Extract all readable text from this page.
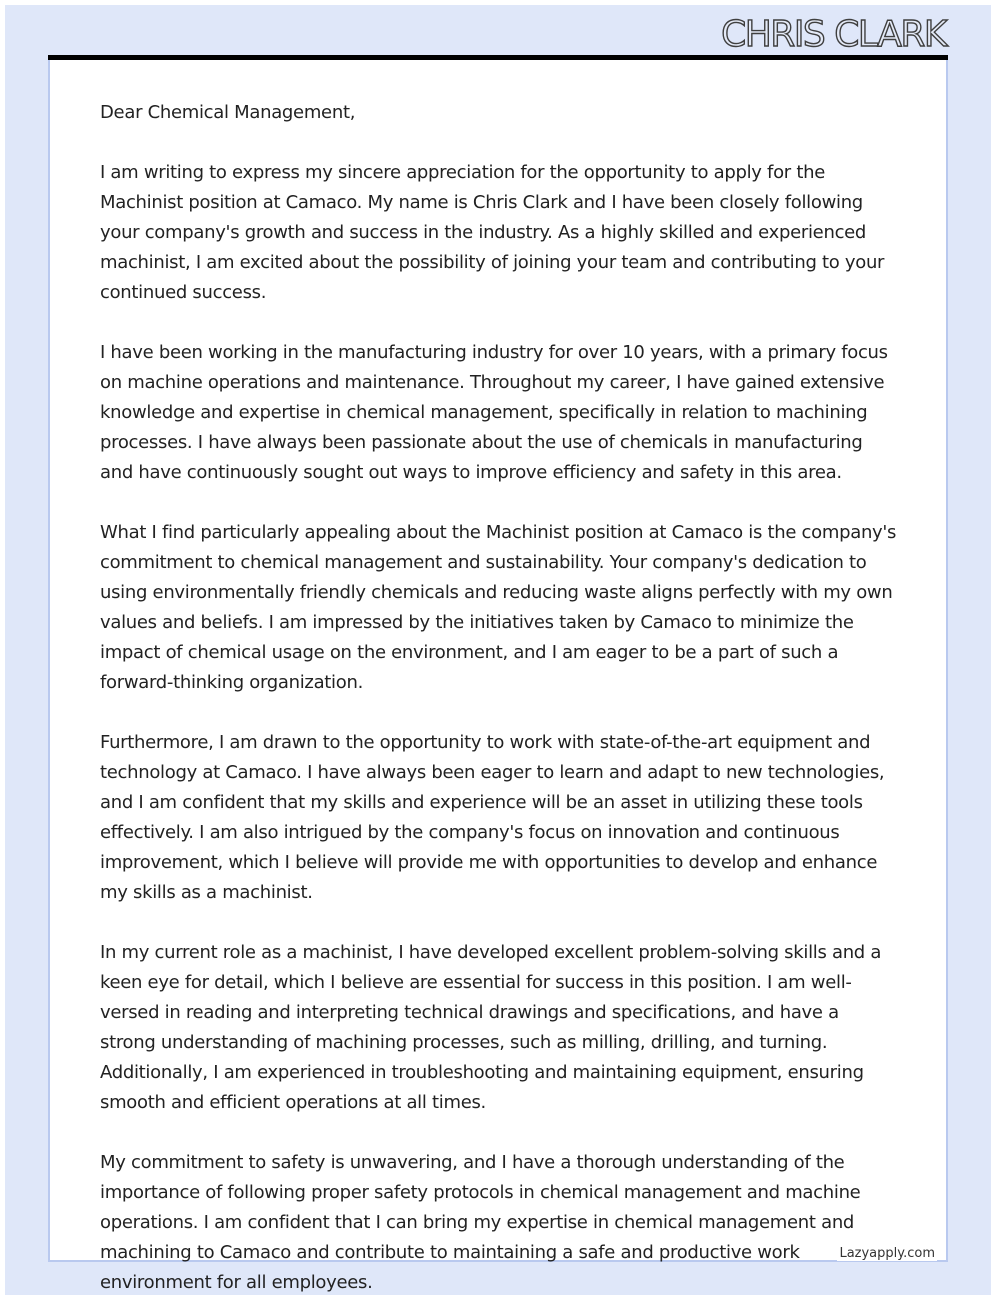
CHRIS CLARK

Dear Chemical Management,

I am writing to express my sincere appreciation for the opportunity to apply for the Machinist position at Camaco. My name is Chris Clark and I have been closely following your company's growth and success in the industry. As a highly skilled and experienced machinist, I am excited about the possibility of joining your team and contributing to your continued success.

I have been working in the manufacturing industry for over 10 years, with a primary focus on machine operations and maintenance. Throughout my career, I have gained extensive knowledge and expertise in chemical management, specifically in relation to machining processes. I have always been passionate about the use of chemicals in manufacturing and have continuously sought out ways to improve efficiency and safety in this area.

What I find particularly appealing about the Machinist position at Camaco is the company's commitment to chemical management and sustainability. Your company's dedication to using environmentally friendly chemicals and reducing waste aligns perfectly with my own values and beliefs. I am impressed by the initiatives taken by Camaco to minimize the impact of chemical usage on the environment, and I am eager to be a part of such a forward-thinking organization.

Furthermore, I am drawn to the opportunity to work with state-of-the-art equipment and technology at Camaco. I have always been eager to learn and adapt to new technologies, and I am confident that my skills and experience will be an asset in utilizing these tools effectively. I am also intrigued by the company's focus on innovation and continuous improvement, which I believe will provide me with opportunities to develop and enhance my skills as a machinist.

In my current role as a machinist, I have developed excellent problem-solving skills and a keen eye for detail, which I believe are essential for success in this position. I am well-versed in reading and interpreting technical drawings and specifications, and have a strong understanding of machining processes, such as milling, drilling, and turning. Additionally, I am experienced in troubleshooting and maintaining equipment, ensuring smooth and efficient operations at all times.

My commitment to safety is unwavering, and I have a thorough understanding of the importance of following proper safety protocols in chemical management and machine operations. I am confident that I can bring my expertise in chemical management and machining to Camaco and contribute to maintaining a safe and productive work environment for all employees.

Lazyapply.com
